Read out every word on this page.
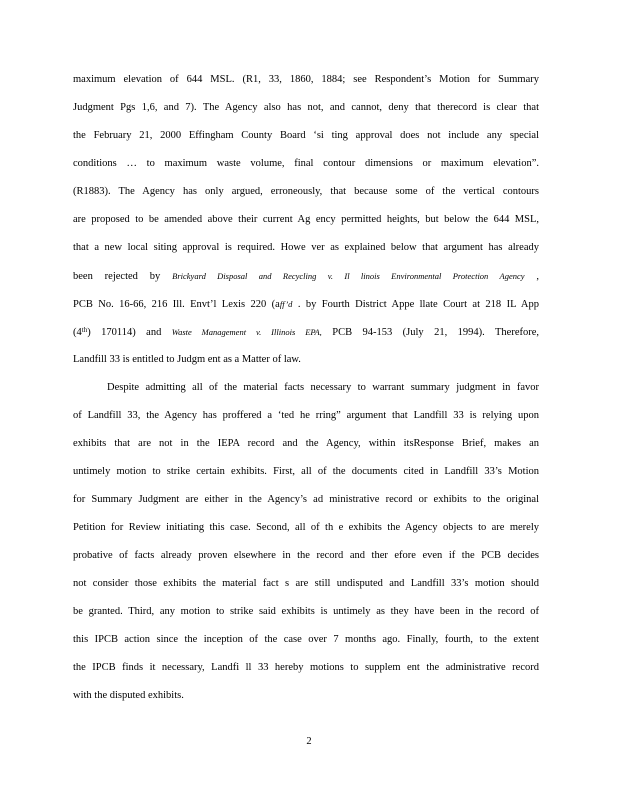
maximum elevation of 644 MSL. (R1, 33, 1860, 1884; see Respondent’s Motion for Summary
Judgment Pgs 1,6, and 7). The Agency also has not, and cannot, deny that therecord is clear that
the February 21, 2000 Effingham County Board ‘si ting approval does not include any special
conditions … to maximum waste volume, final contour dimensions or maximum elevation”.
(R1883). The Agency has only argued, erroneously, that because some of the vertical contours
are proposed to be amended above their current Ag ency permitted heights, but below the 644 MSL,
that a new local siting approval is required. Howe ver as explained below that argument has already
been rejected by Brickyard Disposal and Recycling v. Il linois Environmental Protection Agency ,
PCB No. 16-66, 216 Ill. Envt’l Lexis 220 (aff’d . by Fourth District Appe llate Court at 218 IL App
(4th) 170114) and Waste Management v. Illinois EPA, PCB 94-153 (July 21, 1994). Therefore,
Landfill 33 is entitled to Judgm ent as a Matter of law.
Despite admitting all of the material facts necessary to warrant summary judgment in favor
of Landfill 33, the Agency has proffered a ‘ted he rring” argument that Landfill 33 is relying upon
exhibits that are not in the IEPA record and the Agency, within itsResponse Brief, makes an
untimely motion to strike certain exhibits. First, all of the documents cited in Landfill 33’s Motion
for Summary Judgment are either in the Agency’s ad ministrative record or exhibits to the original
Petition for Review initiating this case. Second, all of th e exhibits the Agency objects to are merely
probative of facts already proven elsewhere in the record and ther efore even if the PCB decides
not consider those exhibits the material fact s are still undisputed and Landfill 33’s motion should
be granted. Third, any motion to strike said exhibits is untimely as they have been in the record of
this IPCB action since the inception of the case over 7 months ago. Finally, fourth, to the extent
the IPCB finds it necessary, Landfi ll 33 hereby motions to supplem ent the administrative record
with the disputed exhibits.
2
